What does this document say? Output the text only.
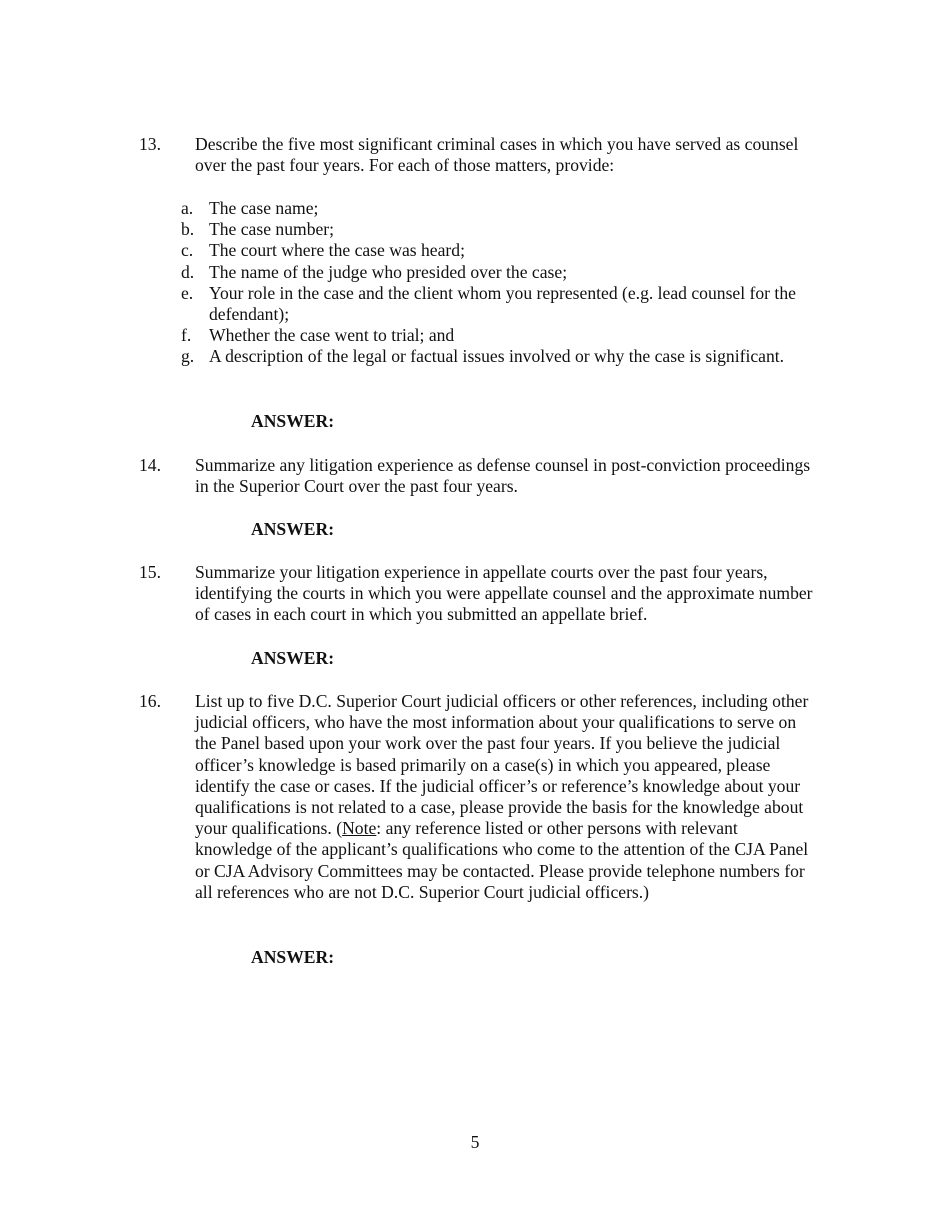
13.	Describe the five most significant criminal cases in which you have served as counsel over the past four years. For each of those matters, provide:
a. The case name;
b. The case number;
c. The court where the case was heard;
d. The name of the judge who presided over the case;
e. Your role in the case and the client whom you represented (e.g. lead counsel for the defendant);
f. Whether the case went to trial; and
g. A description of the legal or factual issues involved or why the case is significant.
ANSWER:
14.	Summarize any litigation experience as defense counsel in post-conviction proceedings in the Superior Court over the past four years.
ANSWER:
15.	Summarize your litigation experience in appellate courts over the past four years, identifying the courts in which you were appellate counsel and the approximate number of cases in each court in which you submitted an appellate brief.
ANSWER:
16.	List up to five D.C. Superior Court judicial officers or other references, including other judicial officers, who have the most information about your qualifications to serve on the Panel based upon your work over the past four years. If you believe the judicial officer’s knowledge is based primarily on a case(s) in which you appeared, please identify the case or cases. If the judicial officer’s or reference’s knowledge about your qualifications is not related to a case, please provide the basis for the knowledge about your qualifications. (Note: any reference listed or other persons with relevant knowledge of the applicant’s qualifications who come to the attention of the CJA Panel or CJA Advisory Committees may be contacted. Please provide telephone numbers for all references who are not D.C. Superior Court judicial officers.)
ANSWER:
5
